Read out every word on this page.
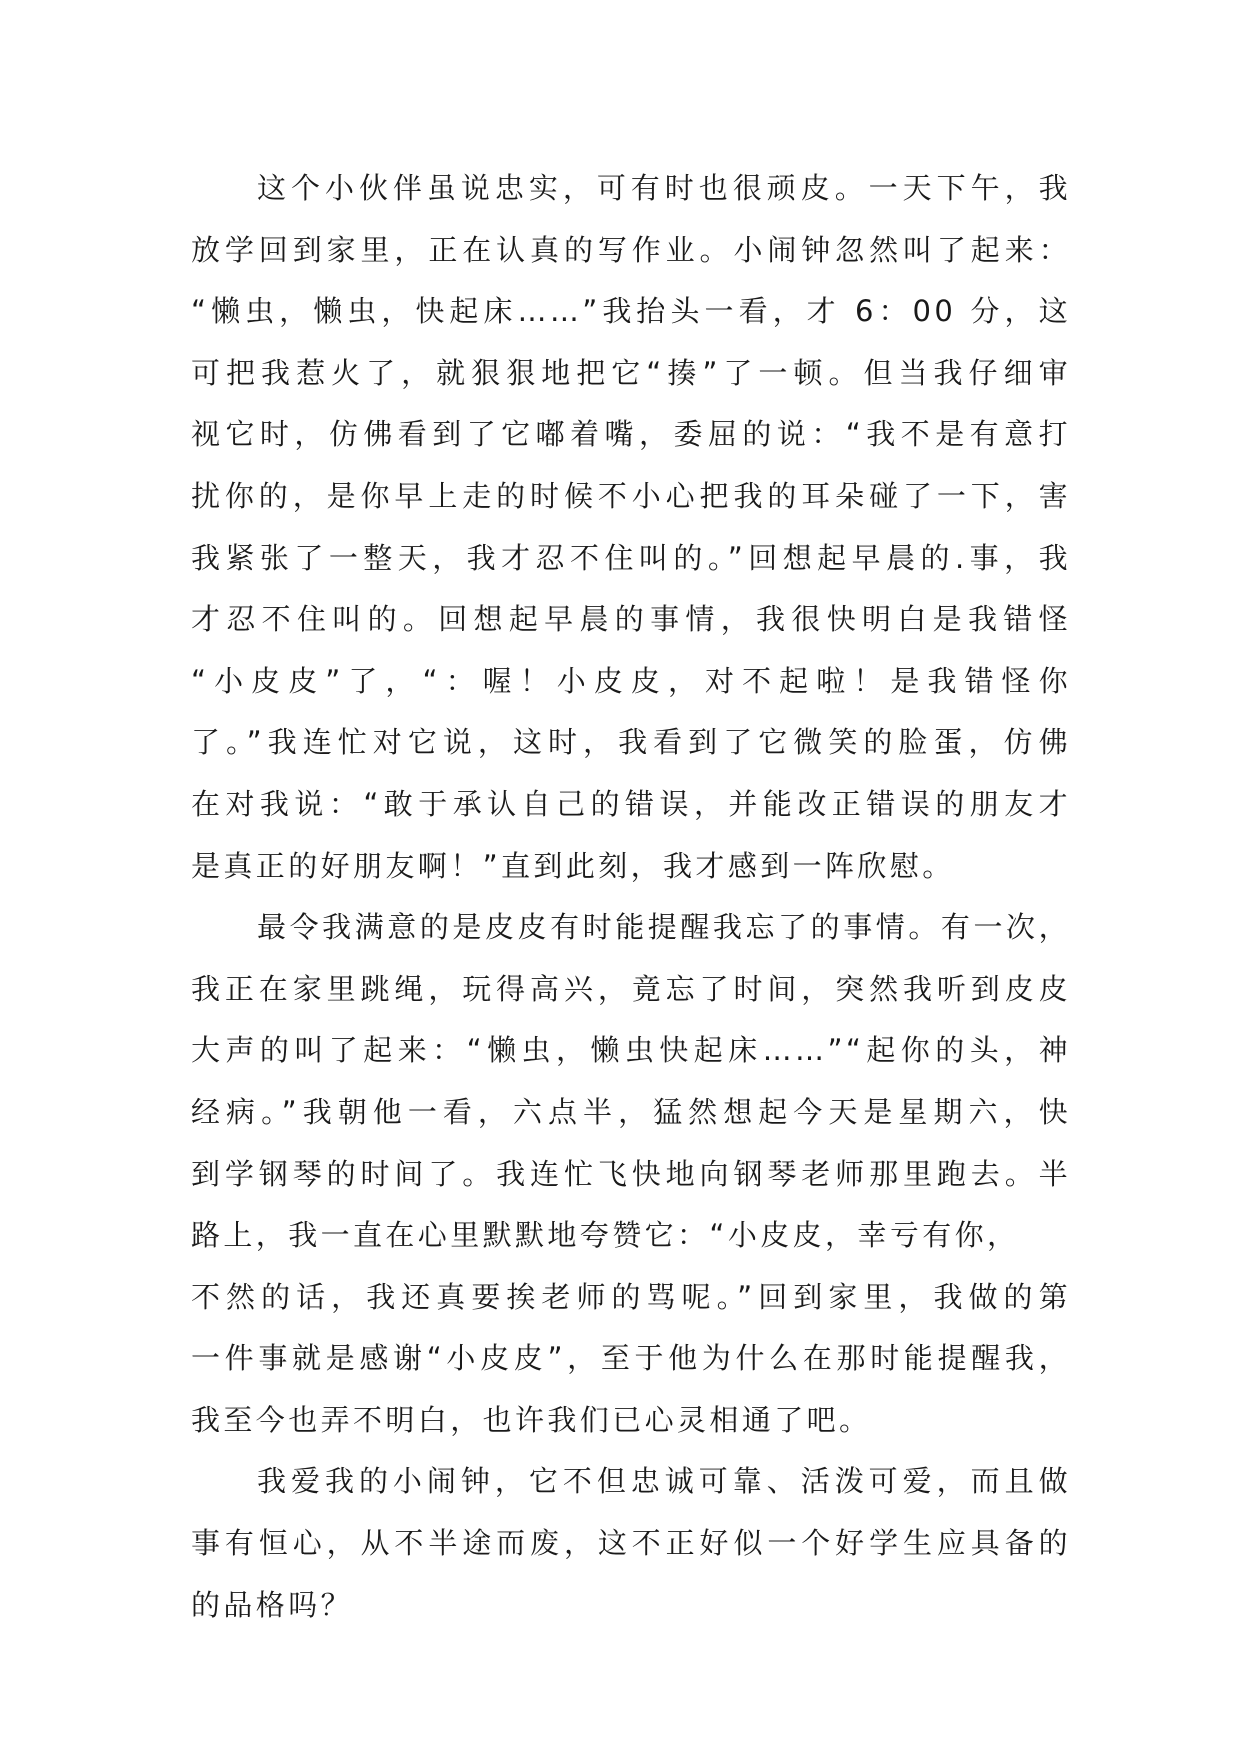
这个小伙伴虽说忠实，可有时也很顽皮。一天下午，我
放学回到家里，正在认真的写作业。小闹钟忽然叫了起来：
“懒虫，懒虫，快起床……”我抬头一看，才 6：00 分，这
可把我惹火了，就狠狠地把它“揍”了一顿。但当我仔细审
视它时，仿佛看到了它嘟着嘴，委屈的说：“我不是有意打
扰你的，是你早上走的时候不小心把我的耳朵碰了一下，害
我紧张了一整天，我才忍不住叫的。”回想起早晨的.事，我
才忍不住叫的。回想起早晨的事情，我很快明白是我错怪
“小皮皮”了，“：喔！小皮皮，对不起啦！是我错怪你
了。”我连忙对它说，这时，我看到了它微笑的脸蛋，仿佛
在对我说：“敢于承认自己的错误，并能改正错误的朋友才
是真正的好朋友啊！”直到此刻，我才感到一阵欣慰。
最令我满意的是皮皮有时能提醒我忘了的事情。有一次，
我正在家里跳绳，玩得高兴，竟忘了时间，突然我听到皮皮
大声的叫了起来：“懒虫，懒虫快起床……”“起你的头，神
经病。”我朝他一看，六点半，猛然想起今天是星期六，快
到学钢琴的时间了。我连忙飞快地向钢琴老师那里跑去。半
路上，我一直在心里默默地夸赞它：“小皮皮，幸亏有你，
不然的话，我还真要挨老师的骂呢。”回到家里，我做的第
一件事就是感谢“小皮皮”，至于他为什么在那时能提醒我，
我至今也弄不明白，也许我们已心灵相通了吧。
我爱我的小闹钟，它不但忠诚可靠、活泼可爱，而且做
事有恒心，从不半途而废，这不正好似一个好学生应具备的
的品格吗？
